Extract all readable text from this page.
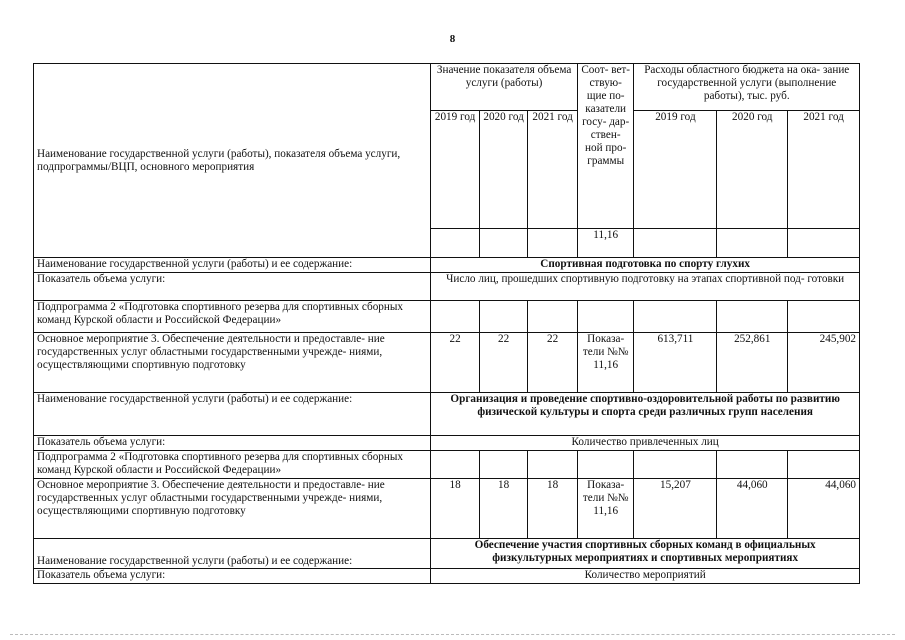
8
Наименование государственной услуги (работы), показателя объема услуги, подпрограммы/ВЦП, основного мероприятия	Значение показателя объема услуги (работы)			Соот- вет- ствую- щие по- казатели госу- дар- ствен- ной про- граммы	Расходы областного бюджета на ока- зание государственной услуги (выполнение работы), тыс. руб.		
	2019 год	2020 год	2021 год		2019 год	2020 год	2021 год
				11,16			
Наименование государственной услуги (работы) и ее содержание:	Спортивная подготовка по спорту глухих						
Показатель объема услуги:	Число лиц, прошедших спортивную подготовку на этапах спортивной под- готовки						
Подпрограмма 2 «Подготовка спортивного резерва для спортивных сборных команд Курской области и Российской Федерации»							
Основное мероприятие 3. Обеспечение деятельности и предоставле- ние государственных услуг областными государственными учрежде- ниями, осуществляющими спортивную подготовку	22	22	22	Показа- тели №№ 11,16	613,711	252,861	245,902
Наименование государственной услуги (работы) и ее содержание:	Организация и проведение спортивно-оздоровительной работы по развитию физической культуры и спорта среди различных групп населения						
Показатель объема услуги:	Количество привлеченных лиц						
Подпрограмма 2 «Подготовка спортивного резерва для спортивных сборных команд Курской области и Российской Федерации»							
Основное мероприятие 3. Обеспечение деятельности и предоставле- ние государственных услуг областными государственными учрежде- ниями, осуществляющими спортивную подготовку	18	18	18	Показа- тели №№ 11,16	15,207	44,060	44,060
Наименование государственной услуги (работы) и ее содержание:	Обеспечение участия спортивных сборных команд в официальных физкультурных мероприятиях и спортивных мероприятиях						
Показатель объема услуги:	Количество мероприятий						
